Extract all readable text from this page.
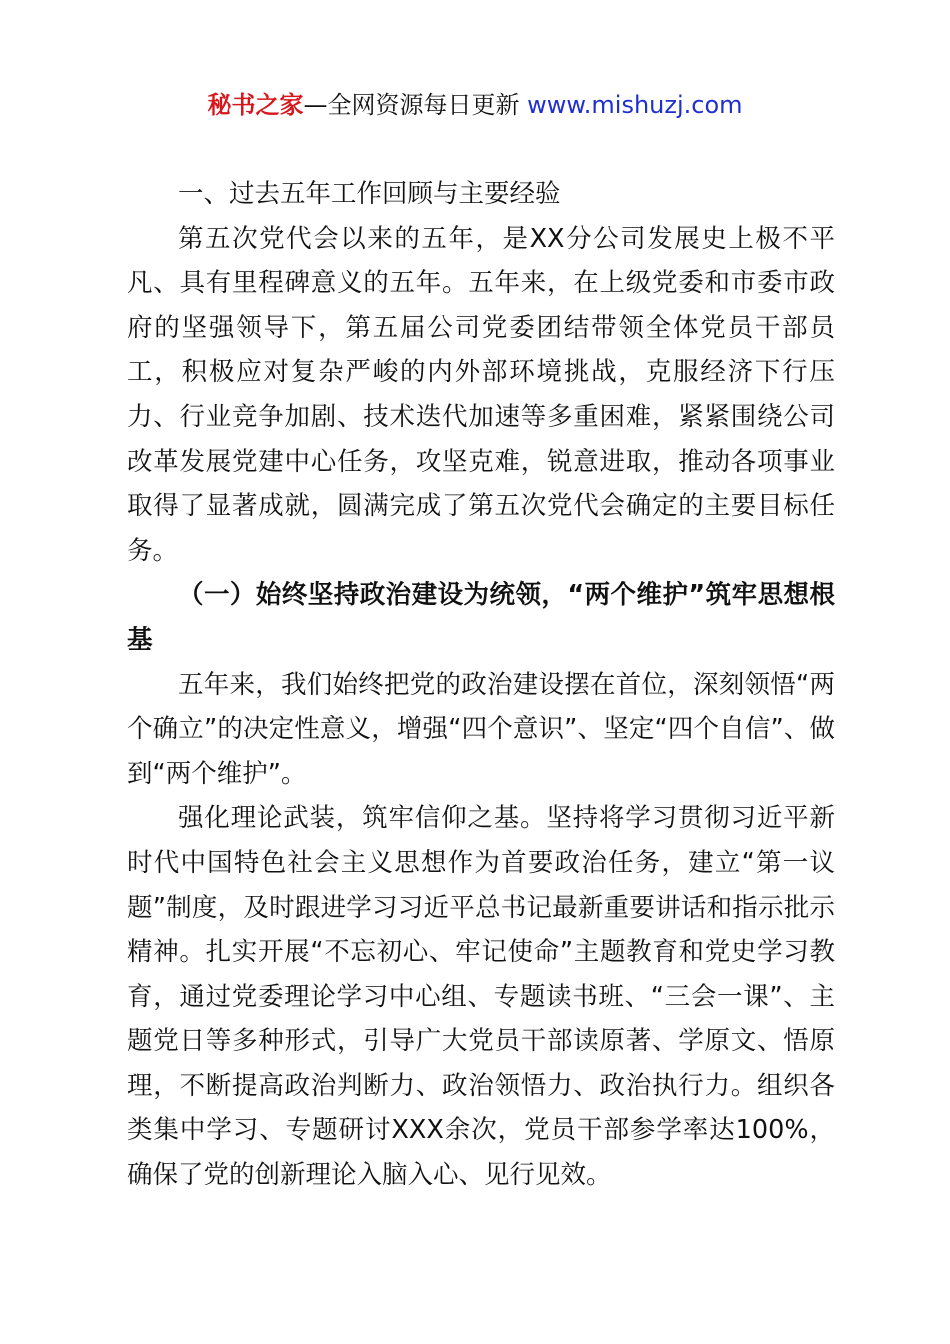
秘书之家—全网资源每日更新 www.mishuzj.com

一、过去五年工作回顾与主要经验

第五次党代会以来的五年，是XX分公司发展史上极不平凡、具有里程碑意义的五年。五年来，在上级党委和市委市政府的坚强领导下，第五届公司党委团结带领全体党员干部员工，积极应对复杂严峻的内外部环境挑战，克服经济下行压力、行业竞争加剧、技术迭代加速等多重困难，紧紧围绕公司改革发展党建中心任务，攻坚克难，锐意进取，推动各项事业取得了显著成就，圆满完成了第五次党代会确定的主要目标任务。

（一）始终坚持政治建设为统领，“两个维护”筑牢思想根基

五年来，我们始终把党的政治建设摆在首位，深刻领悟“两个确立”的决定性意义，增强“四个意识”、坚定“四个自信”、做到“两个维护”。

强化理论武装，筑牢信仰之基。坚持将学习贯彻习近平新时代中国特色社会主义思想作为首要政治任务，建立“第一议题”制度，及时跟进学习习近平总书记最新重要讲话和指示批示精神。扎实开展“不忘初心、牢记使命”主题教育和党史学习教育，通过党委理论学习中心组、专题读书班、“三会一课”、主题党日等多种形式，引导广大党员干部读原著、学原文、悟原理，不断提高政治判断力、政治领悟力、政治执行力。组织各类集中学习、专题研讨XXX余次，党员干部参学率达100%，确保了党的创新理论入脑入心、见行见效。
